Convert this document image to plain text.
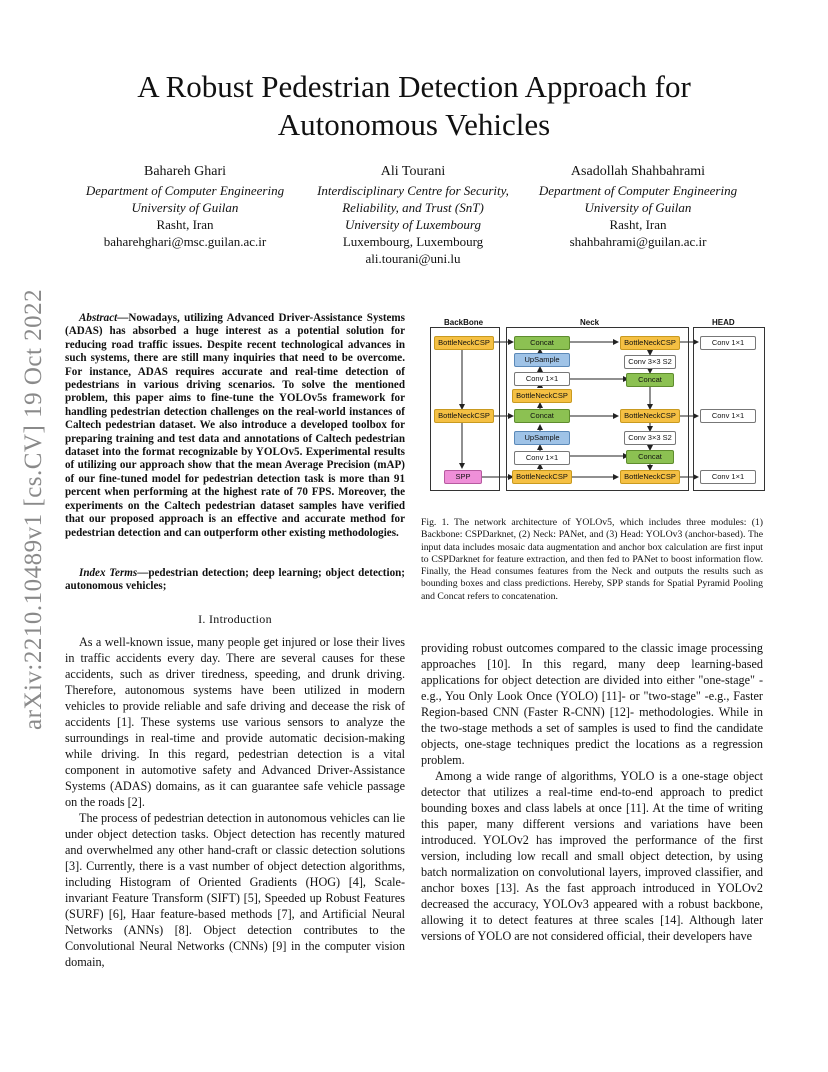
A Robust Pedestrian Detection Approach for
Autonomous Vehicles
Bahareh Ghari
Department of Computer Engineering
University of Guilan
Rasht, Iran
baharehghari@msc.guilan.ac.ir
Ali Tourani
Interdisciplinary Centre for Security,
Reliability, and Trust (SnT)
University of Luxembourg
Luxembourg, Luxembourg
ali.tourani@uni.lu
Asadollah Shahbahrami
Department of Computer Engineering
University of Guilan
Rasht, Iran
shahbahrami@guilan.ac.ir
arXiv:2210.10489v1 [cs.CV] 19 Oct 2022	Abstract—Nowadays, utilizing Advanced Driver-Assistance Systems (ADAS) has absorbed a huge interest as a potential solution for reducing road traffic issues. Despite recent technological advances in such systems, there are still many inquiries that need to be overcome. For instance, ADAS requires accurate and real-time detection of pedestrians in various driving scenarios. To solve the mentioned problem, this paper aims to fine-tune the YOLOv5s framework for handling pedestrian detection challenges on the real-world instances of Caltech pedestrian dataset. We also introduce a developed toolbox for preparing training and test data and annotations of Caltech pedestrian dataset into the format recognizable by YOLOv5. Experimental results of utilizing our approach show that the mean Average Precision (mAP) of our fine-tuned model for pedestrian detection task is more than 91 percent when performing at the highest rate of 70 FPS. Moreover, the experiments on the Caltech pedestrian dataset samples have verified that our proposed approach is an effective and accurate method for pedestrian detection and can outperform other existing methodologies.

Index Terms—pedestrian detection; deep learning; object detection; autonomous vehicles;

I. Introduction

As a well-known issue, many people get injured or lose their lives in traffic accidents every day. There are several causes for these accidents, such as driver tiredness, speeding, and drunk driving. Therefore, autonomous systems have been utilized in modern vehicles to provide reliable and safe driving and decease the risk of accidents [1]. These systems use various sensors to analyze the surroundings in real-time and provide automatic decision-making while driving. In this regard, pedestrian detection is a vital component in automotive safety and Advanced Driver-Assistance Systems (ADAS) domains, as it can guarantee safe vehicle passage on the roads [2].

The process of pedestrian detection in autonomous vehicles can lie under object detection tasks. Object detection has recently matured and overwhelmed any other hand-craft or classic detection solutions [3]. Currently, there is a vast number of object detection algorithms, including Histogram of Oriented Gradients (HOG) [4], Scale-invariant Feature Transform (SIFT) [5], Speeded up Robust Features (SURF) [6], Haar feature-based methods [7], and Artificial Neural Networks (ANNs) [8]. Object detection contributes to the Convolutional Neural Networks (CNNs) [9] in the computer vision domain,

providing robust outcomes compared to the classic image processing approaches [10]. In this regard, many deep learning-based applications for object detection are divided into either "one-stage" -e.g., You Only Look Once (YOLO) [11]- or "two-stage" -e.g., Faster Region-based CNN (Faster R-CNN) [12]- methodologies. While in the two-stage methods a set of samples is used to find the candidate objects, one-stage techniques predict the locations as a regression problem.

Among a wide range of algorithms, YOLO is a one-stage object detector that utilizes a real-time end-to-end approach to predict bounding boxes and class labels at once [11]. At the time of writing this paper, many different versions and variations have been introduced. YOLOv2 has improved the performance of the first version, including low recall and small object detection, by using batch normalization on convolutional layers, improved classifier, and anchor boxes [13]. As the fast approach introduced in YOLOv2 decreased the accuracy, YOLOv3 appeared with a robust backbone, allowing it to detect features at three scales [14]. Although later versions of YOLO are not considered official, their developers have

BackBone	Neck	HEAD
BottleNeckCSP
BottleNeckCSP
SPP
Concat
UpSample
Conv 1×1
BottleNeckCSP
Concat
UpSample
Conv 1×1
BottleNeckCSP
BottleNeckCSP
Conv 3×3 S2
Concat
BottleNeckCSP
Conv 3×3 S2
Concat
BottleNeckCSP
Conv 1×1
Conv 1×1
Conv 1×1
Fig. 1. The network architecture of YOLOv5, which includes three modules: (1) Backbone: CSPDarknet, (2) Neck: PANet, and (3) Head: YOLOv3 (anchor-based). The input data includes mosaic data augmentation and anchor box calculation are first input to CSPDarknet for feature extraction, and then fed to PANet to boost information flow. Finally, the Head consumes features from the Neck and outputs the results such as bounding boxes and class predictions. Hereby, SPP stands for Spatial Pyramid Pooling and Concat refers to concatenation.
